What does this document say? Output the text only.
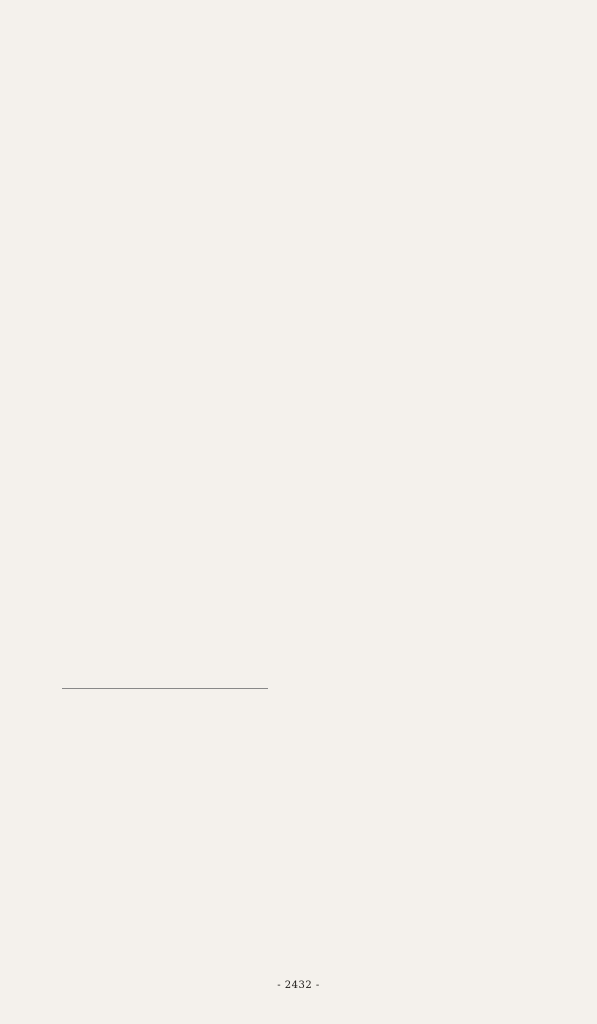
- 2432 -
